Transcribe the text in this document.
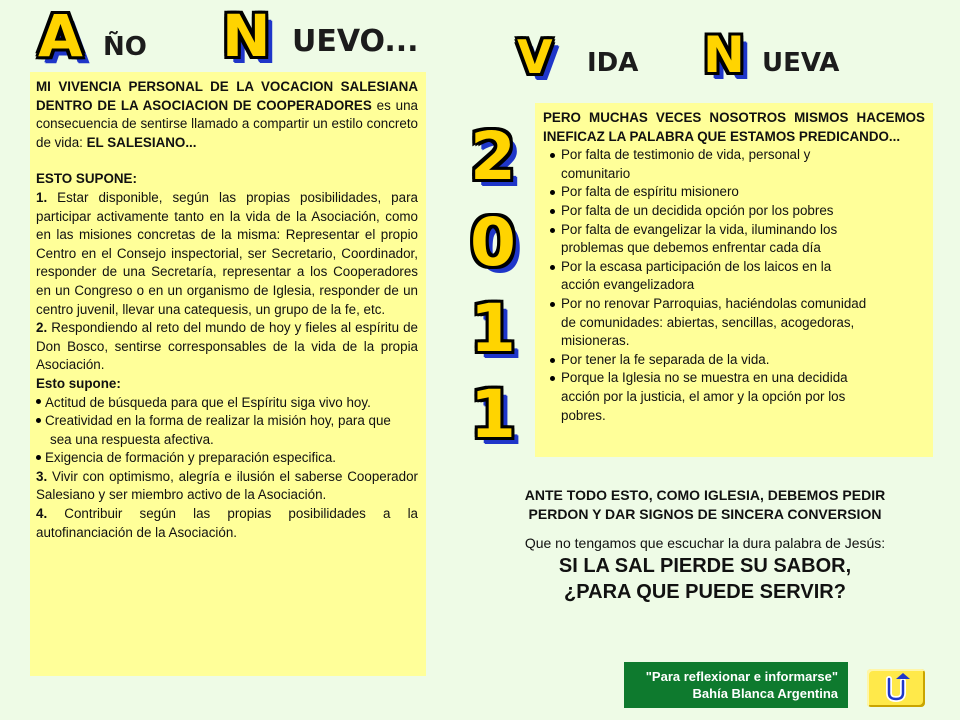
A ÑO N UEVO... V IDA N UEVA
2
0
1
1

MI VIVENCIA PERSONAL DE LA VOCACION SALESIANA DENTRO DE LA ASOCIACION DE COOPERADORES es una consecuencia de sentirse llamado a compartir un estilo concreto de vida: EL SALESIANO...

ESTO SUPONE:

1. Estar disponible, según las propias posibilidades, para participar activamente tanto en la vida de la Asociación, como en las misiones concretas de la misma: Representar el propio Centro en el Consejo inspectorial, ser Secretario, Coordinador, responder de una Secretaría, representar a los Cooperadores en un Congreso o en un organismo de Iglesia, responder de un centro juvenil, llevar una catequesis, un grupo de la fe, etc.

2. Respondiendo al reto del mundo de hoy y fieles al espíritu de Don Bosco, sentirse corresponsables de la vida de la propia Asociación.

Esto supone:

Actitud de búsqueda para que el Espíritu siga vivo hoy.

Creatividad en la forma de realizar la misión hoy, para que

sea una respuesta afectiva.

Exigencia de formación y preparación especifica.

3. Vivir con optimismo, alegría e ilusión el saberse Cooperador Salesiano y ser miembro activo de la Asociación.

4. Contribuir según las propias posibilidades a la autofinanciación de la Asociación.

PERO MUCHAS VECES NOSOTROS MISMOS HACEMOS INEFICAZ LA PALABRA QUE ESTAMOS PREDICANDO...

Por falta de testimonio de vida, personal y
comunitario
Por falta de espíritu misionero
Por falta de un decidida opción por los pobres
Por falta de evangelizar la vida, iluminando los
problemas que debemos enfrentar cada día
Por la escasa participación de los laicos en la
acción evangelizadora
Por no renovar Parroquias, haciéndolas comunidad
de comunidades: abiertas, sencillas, acogedoras,
misioneras.
Por tener la fe separada de la vida.
Porque la Iglesia no se muestra en una decidida
acción por la justicia, el amor y la opción por los
pobres.
ANTE TODO ESTO, COMO IGLESIA, DEBEMOS PEDIR
PERDON Y DAR SIGNOS DE SINCERA CONVERSION
Que no tengamos que escuchar la dura palabra de Jesús:
SI LA SAL PIERDE SU SABOR,
¿PARA QUE PUEDE SERVIR?
"Para reflexionar e informarse"
Bahía Blanca Argentina
